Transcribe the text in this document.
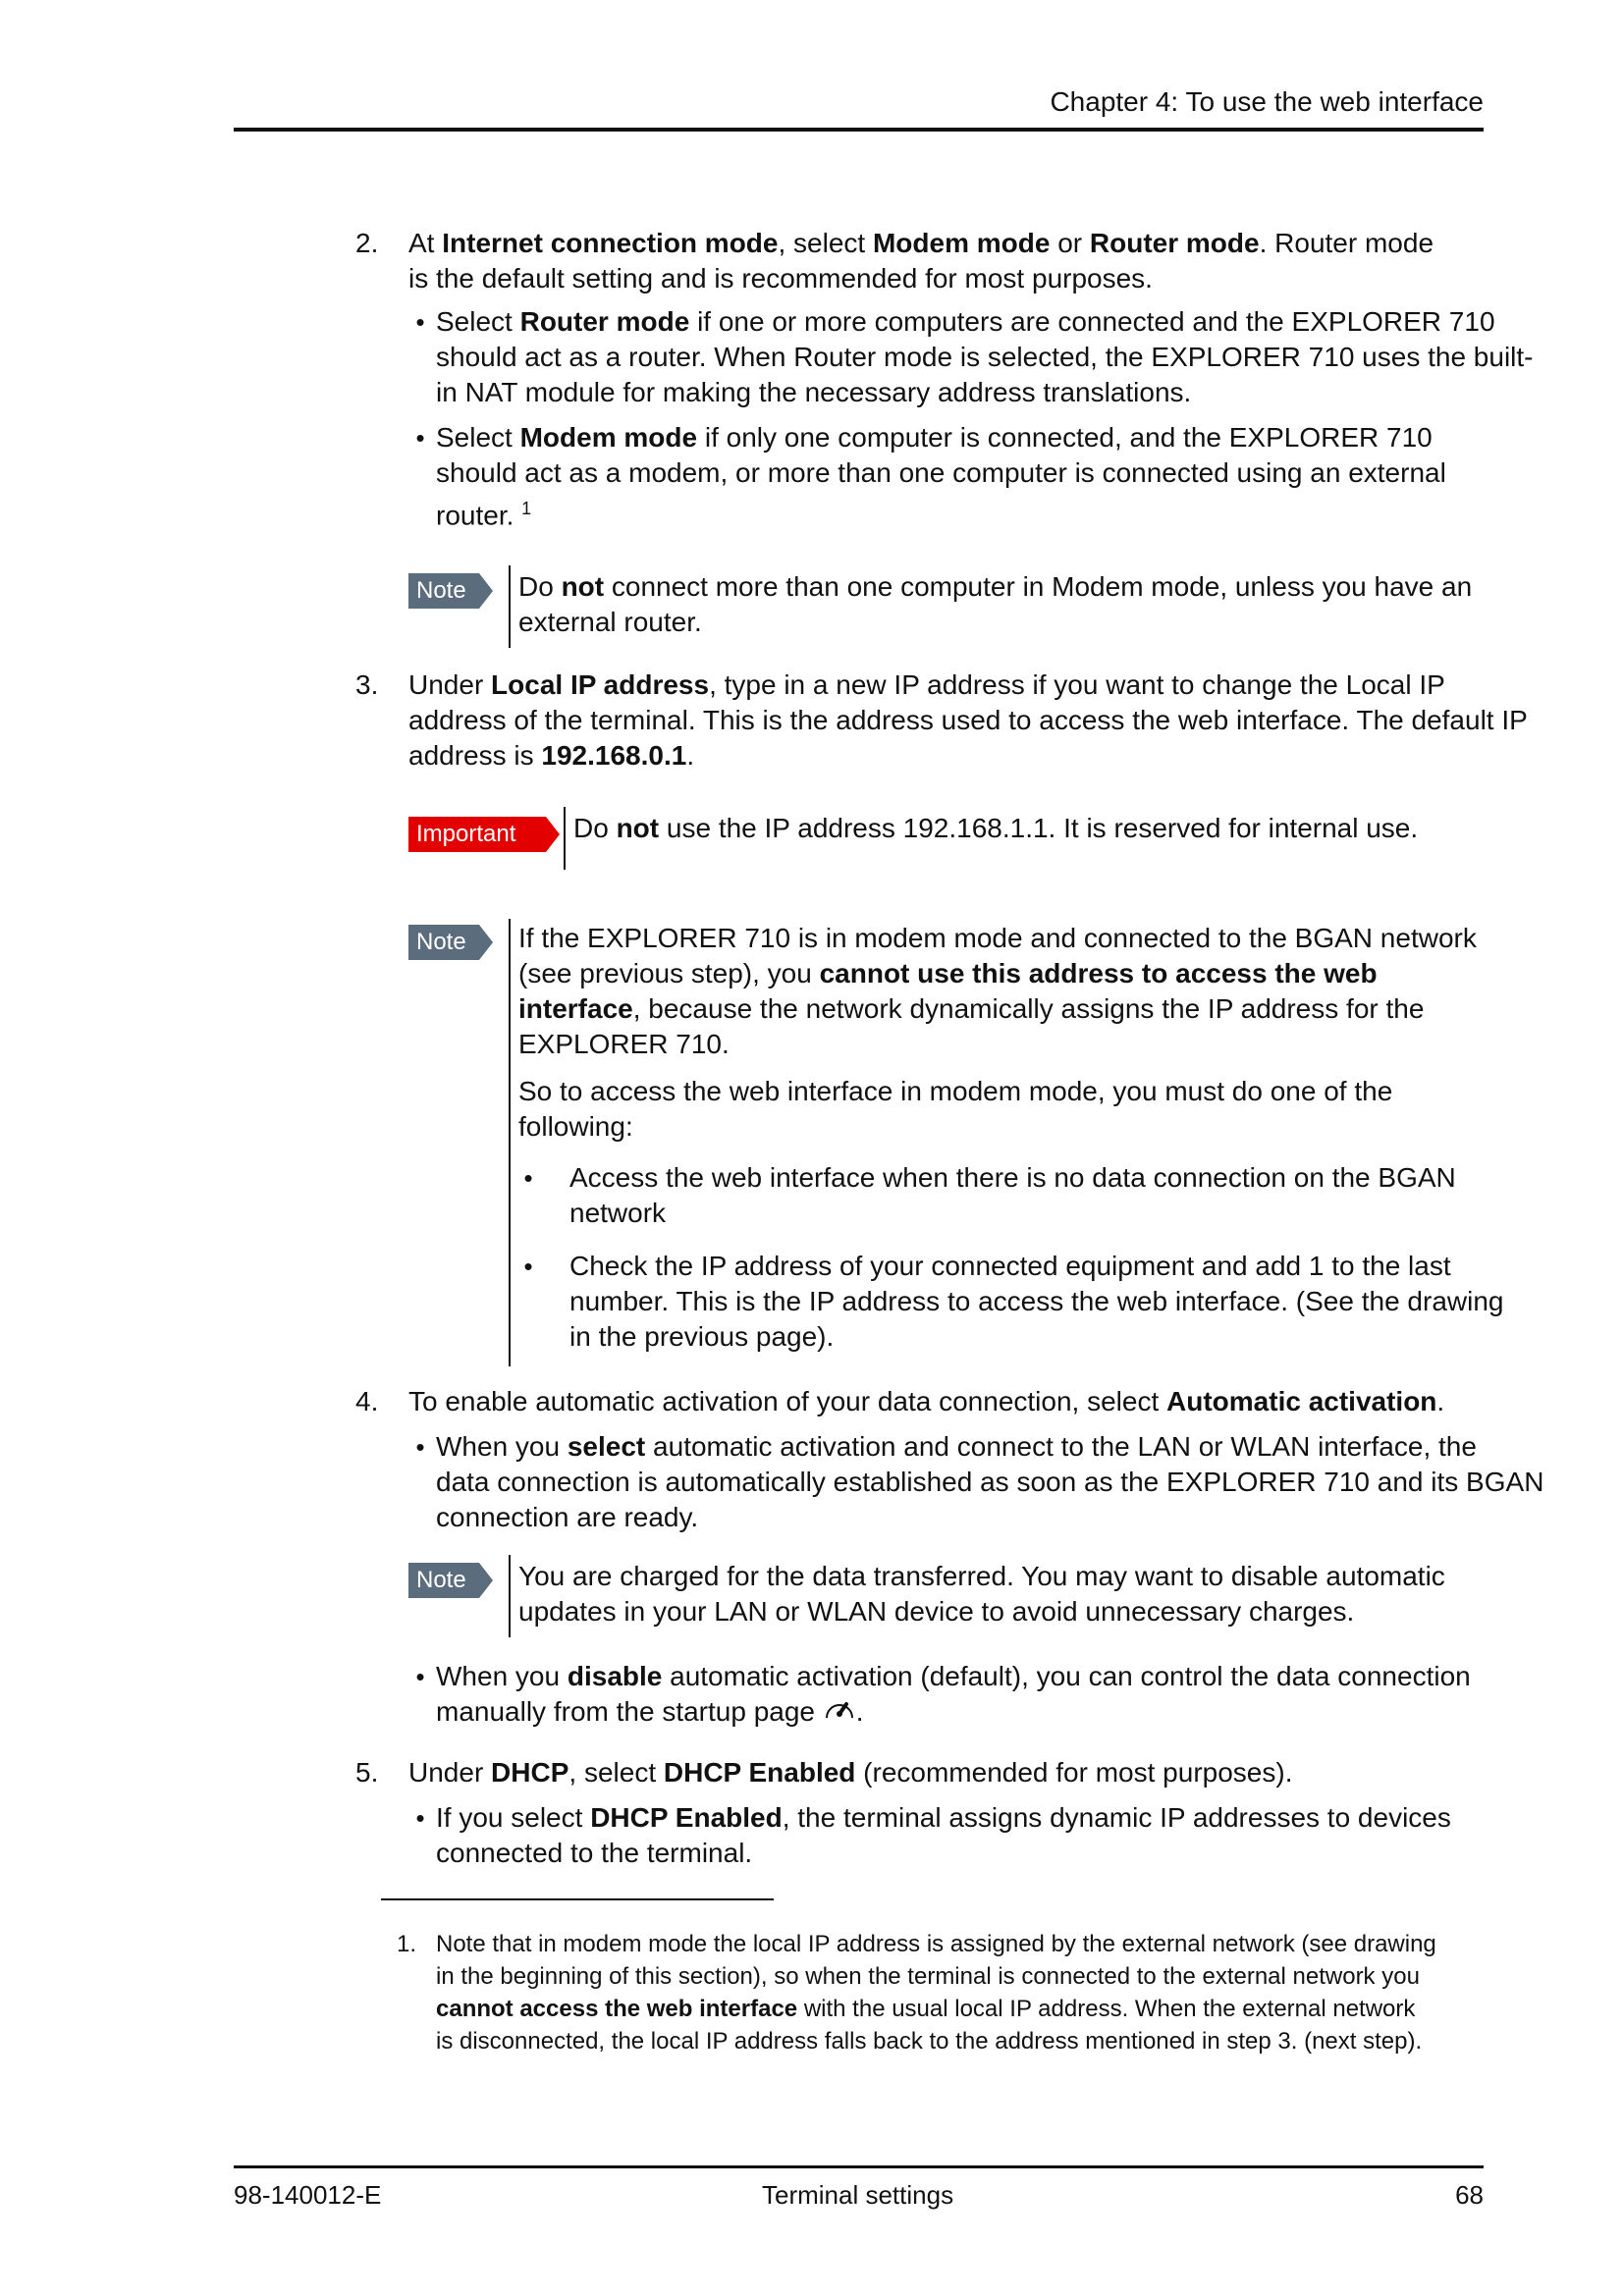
Chapter 4: To use the web interface
2.	At Internet connection mode, select Modem mode or Router mode. Router mode
is the default setting and is recommended for most purposes.
• Select Router mode if one or more computers are connected and the EXPLORER 710
should act as a router. When Router mode is selected, the EXPLORER 710 uses the built-
in NAT module for making the necessary address translations.
• Select Modem mode if only one computer is connected, and the EXPLORER 710
should act as a modem, or more than one computer is connected using an external
router. $^1$
Note	Do not connect more than one computer in Modem mode, unless you have an
external router.
3.	Under Local IP address, type in a new IP address if you want to change the Local IP
address of the terminal. This is the address used to access the web interface. The default IP
address is 192.168.0.1.
Important	Do not use the IP address 192.168.1.1. It is reserved for internal use.
Note	If the EXPLORER 710 is in modem mode and connected to the BGAN network
(see previous step), you cannot use this address to access the web
interface, because the network dynamically assigns the IP address for the
EXPLORER 710.
So to access the web interface in modem mode, you must do one of the
following:
• Access the web interface when there is no data connection on the BGAN
network
• Check the IP address of your connected equipment and add 1 to the last
number. This is the IP address to access the web interface. (See the drawing
in the previous page).
4.	To enable automatic activation of your data connection, select Automatic activation.
• When you select automatic activation and connect to the LAN or WLAN interface, the
data connection is automatically established as soon as the EXPLORER 710 and its BGAN
connection are ready.
Note	You are charged for the data transferred. You may want to disable automatic
updates in your LAN or WLAN device to avoid unnecessary charges.
• When you disable automatic activation (default), you can control the data connection
manually from the startup page .
5.	Under DHCP, select DHCP Enabled (recommended for most purposes).
• If you select DHCP Enabled, the terminal assigns dynamic IP addresses to devices
connected to the terminal.
1. Note that in modem mode the local IP address is assigned by the external network (see drawing
in the beginning of this section), so when the terminal is connected to the external network you
cannot access the web interface with the usual local IP address. When the external network
is disconnected, the local IP address falls back to the address mentioned in step 3. (next step).
98-140012-E	Terminal settings	68
